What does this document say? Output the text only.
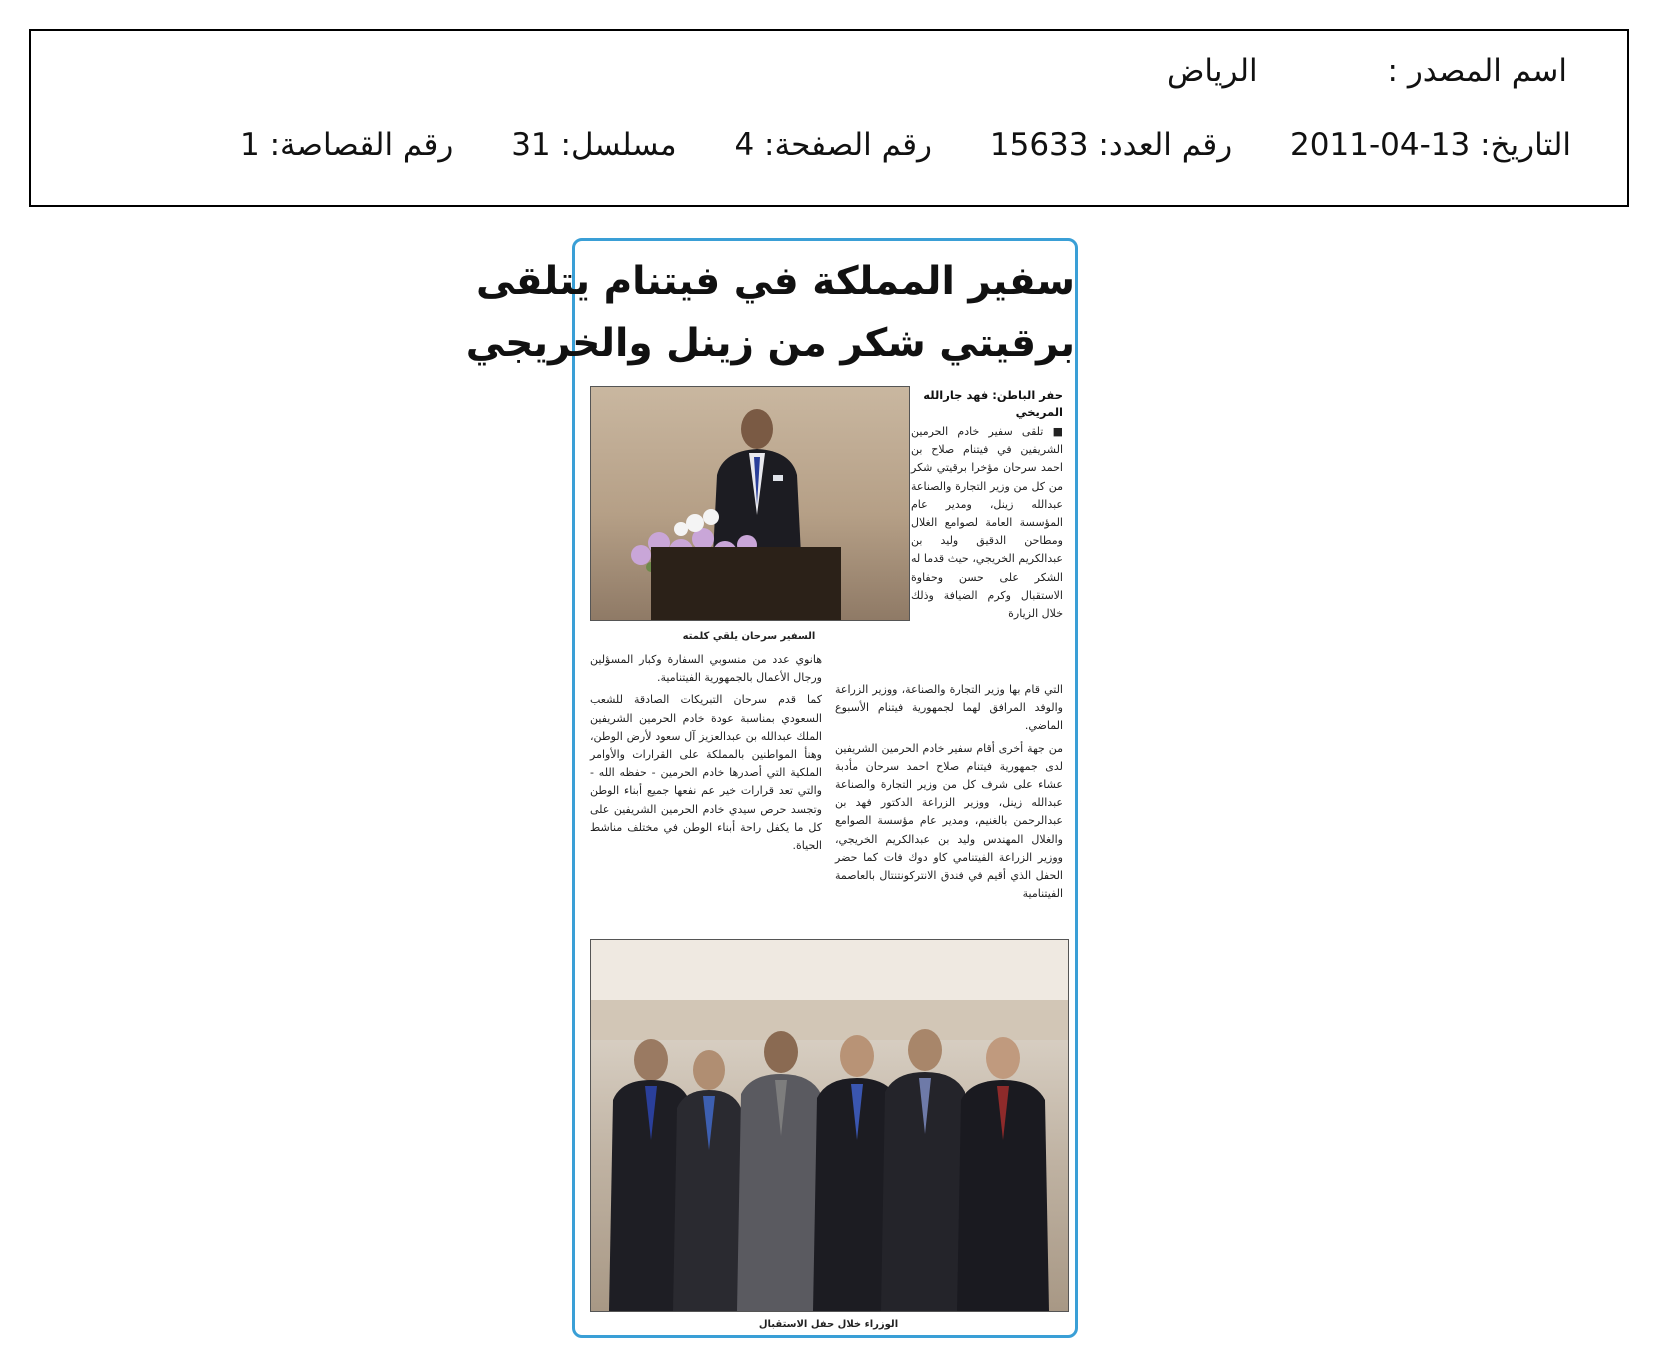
اسم المصدر : الرياض
التاريخ: 13-04-2011 رقم العدد: 15633 رقم الصفحة: 4 مسلسل: 31 رقم القصاصة: 1
سفير المملكة في فيتنام يتلقى
برقيتي شكر من زينل والخريجي
السفير سرحان يلقي كلمته
حفر الباطن: فهد جارالله المريخي

■ تلقى سفير خادم الحرمين الشريفين في فيتنام صلاح بن احمد سرحان مؤخرا برقيتي شكر من كل من وزير التجارة والصناعة عبدالله زينل، ومدير عام المؤسسة العامة لصوامع الغلال ومطاحن الدقيق وليد بن عبدالكريم الخريجي، حيث قدما له الشكر على حسن وحفاوة الاستقبال وكرم الضيافة وذلك خلال الزيارة

التي قام بها وزير التجارة والصناعة، ووزير الزراعة والوفد المرافق لهما لجمهورية فيتنام الأسبوع الماضي.

من جهة أخرى أقام سفير خادم الحرمين الشريفين لدى جمهورية فيتنام صلاح احمد سرحان مأدبة عشاء على شرف كل من وزير التجارة والصناعة عبدالله زينل، ووزير الزراعة الدكتور فهد بن عبدالرحمن بالغنيم، ومدير عام مؤسسة الصوامع والغلال المهندس وليد بن عبدالكريم الخريجي، ووزير الزراعة الفيتنامي كاو دوك فات كما حضر الحفل الذي أقيم في فندق الانتركونتنتال بالعاصمة الفيتنامية

هانوي عدد من منسوبي السفارة وكبار المسؤلين ورجال الأعمال بالجمهورية الفيتنامية.

كما قدم سرحان التبريكات الصادقة للشعب السعودي بمناسبة عودة خادم الحرمين الشريفين الملك عبدالله بن عبدالعزيز آل سعود لأرض الوطن، وهنأ المواطنين بالمملكة على القرارات والأوامر الملكية التي أصدرها خادم الحرمين - حفظه الله - والتي تعد قرارات خير عم نفعها جميع أبناء الوطن وتجسد حرص سيدي خادم الحرمين الشريفين على كل ما يكفل راحة أبناء الوطن في مختلف مناشط الحياة.

الوزراء خلال حفل الاستقبال
